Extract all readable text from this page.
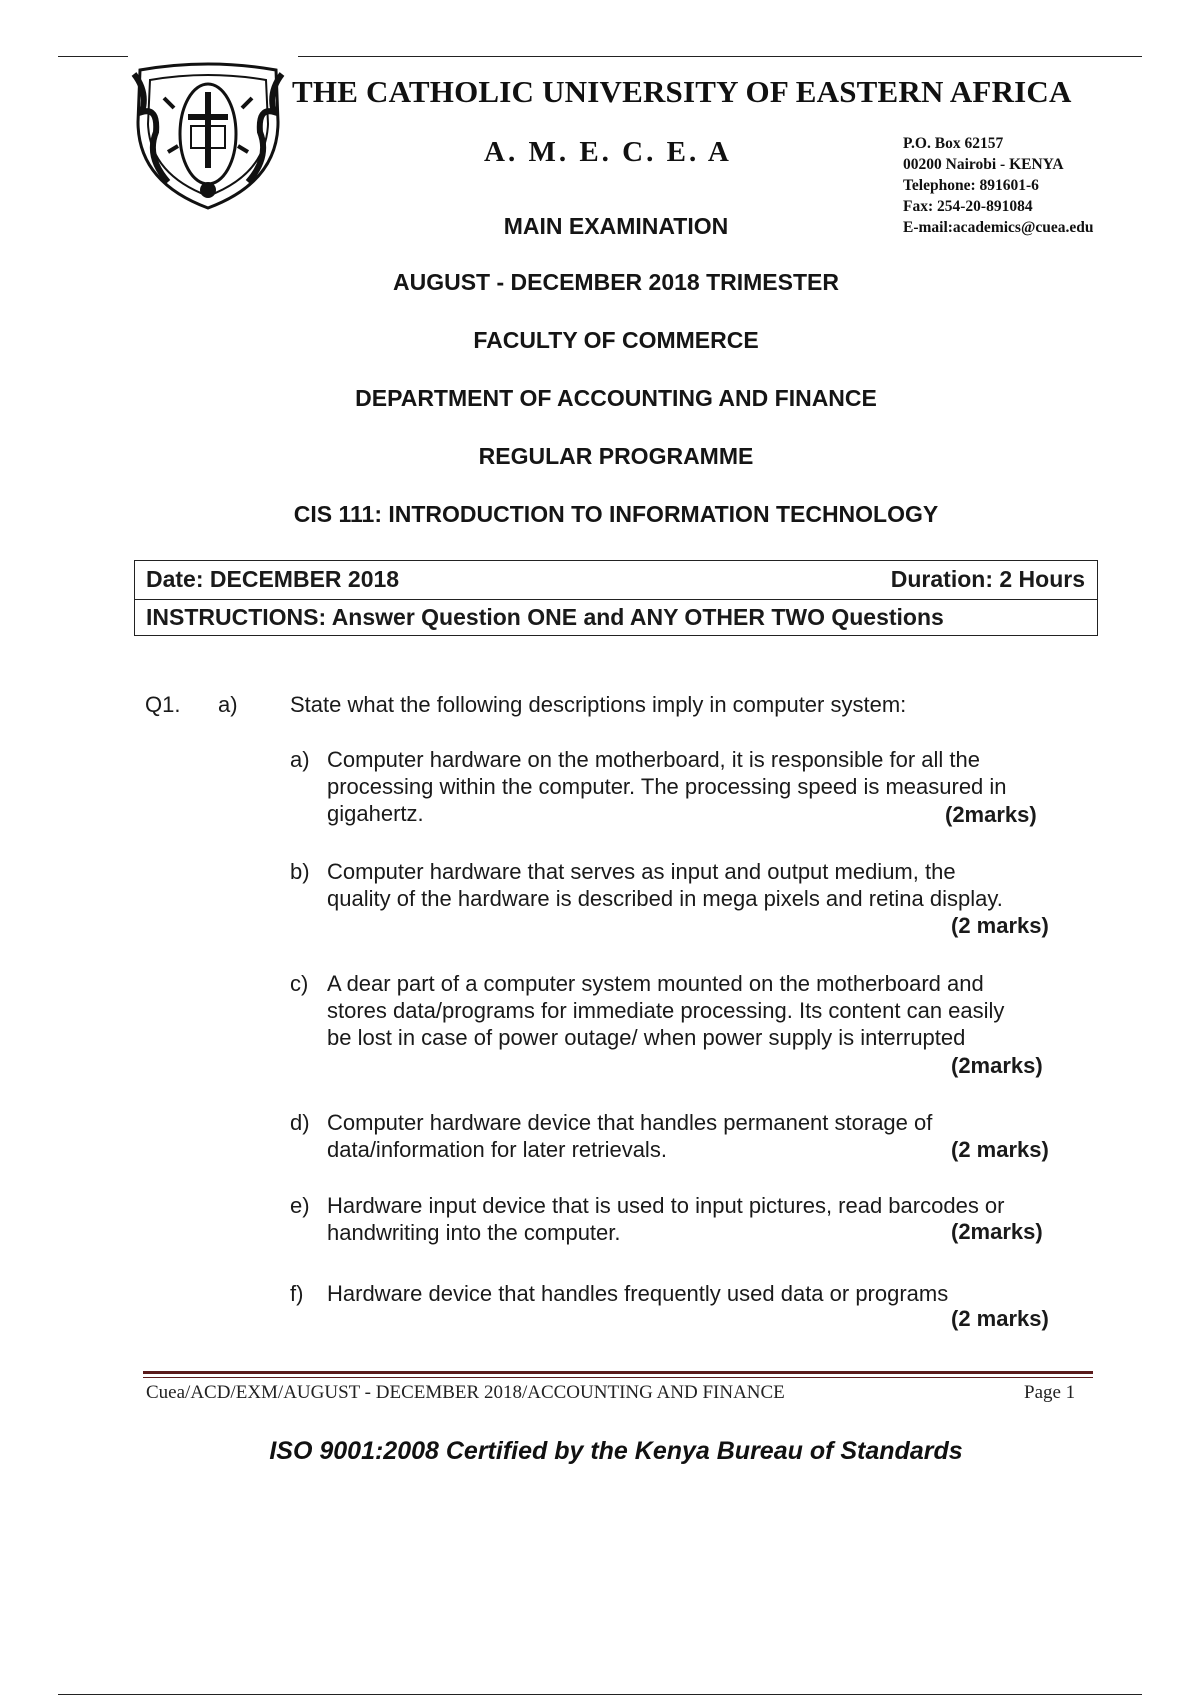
THE CATHOLIC UNIVERSITY OF EASTERN AFRICA
A. M. E. C. E. A	P.O. Box 62157
00200 Nairobi - KENYA
Telephone: 891601-6
Fax: 254-20-891084
E-mail:academics@cuea.edu
MAIN EXAMINATION
AUGUST - DECEMBER 2018 TRIMESTER
FACULTY OF COMMERCE
DEPARTMENT OF ACCOUNTING AND FINANCE
REGULAR PROGRAMME
CIS 111: INTRODUCTION TO INFORMATION TECHNOLOGY
Date: DECEMBER 2018	Duration: 2 Hours
INSTRUCTIONS: Answer Question ONE and ANY OTHER TWO Questions
Q1. a) State what the following descriptions imply in computer system:
a) Computer hardware on the motherboard, it is responsible for all the
processing within the computer. The processing speed is measured in
gigahertz.	(2marks)
b) Computer hardware that serves as input and output medium, the
quality of the hardware is described in mega pixels and retina display.
(2 marks)
c) A dear part of a computer system mounted on the motherboard and
stores data/programs for immediate processing. Its content can easily
be lost in case of power outage/ when power supply is interrupted
(2marks)
d) Computer hardware device that handles permanent storage of
data/information for later retrievals.	(2 marks)
e) Hardware input device that is used to input pictures, read barcodes or
handwriting into the computer.	(2marks)
f) Hardware device that handles frequently used data or programs
(2 marks)
Cuea/ACD/EXM/AUGUST - DECEMBER 2018/ACCOUNTING AND FINANCE	Page 1
ISO 9001:2008 Certified by the Kenya Bureau of Standards
